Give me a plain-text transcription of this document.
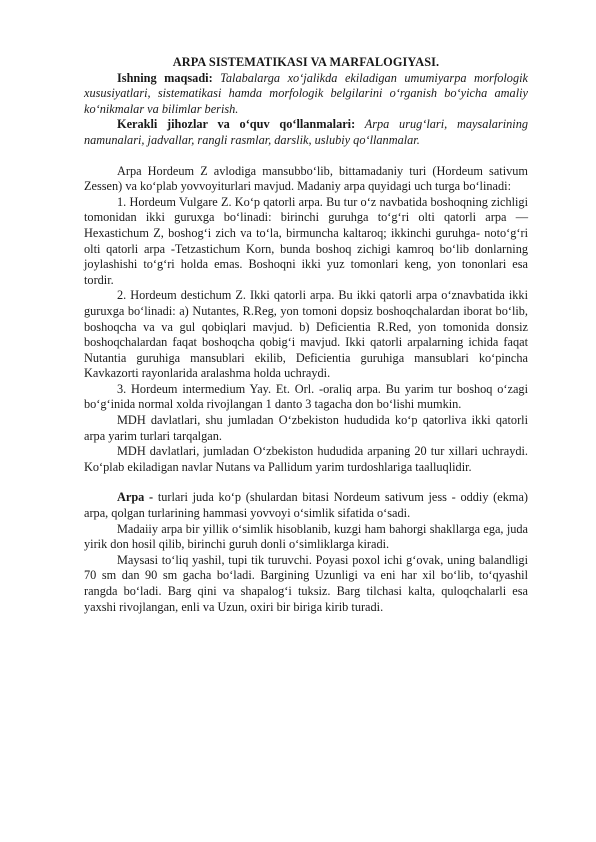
ARPA SISTEMATIKASI VA MARFALOGIYASI.

Ishning maqsadi: Talabalarga xo‘jalikda ekiladigan umumiyarpa morfologik xususiyatlari, sistematikasi hamda morfologik belgilarini o‘rganish bo‘yicha amaliy ko‘nikmalar va bilimlar berish.

Kerakli jihozlar va o‘quv qo‘llanmalari: Arpa urug‘lari, maysalarining namunalari, jadvallar, rangli rasmlar, darslik, uslubiy qo‘llanmalar.

Arpa Hordeum Z avlodiga mansubbo‘lib, bittamadaniy turi (Hordeum sativum Zessen) va ko‘plab yovvoyiturlari mavjud. Madaniy arpa quyidagi uch turga bo‘linadi:

1. Hordeum Vulgare Z. Ko‘p qatorli arpa. Bu tur o‘z navbatida boshoqning zichligi tomonidan ikki guruxga bo‘linadi: birinchi guruhga to‘g‘ri olti qatorli arpa — Hexastichum Z, boshog‘i zich va to‘la, birmuncha kaltaroq; ikkinchi guruhga- noto‘g‘ri olti qatorli arpa -Tetzastichum Korn, bunda boshoq zichigi kamroq bo‘lib donlarning joylashishi to‘g‘ri holda emas. Boshoqni ikki yuz tomonlari keng, yon tononlari esa tordir.

2. Hordeum destichum Z. Ikki qatorli arpa. Bu ikki qatorli arpa o‘znavbatida ikki guruxga bo‘linadi: a) Nutantes, R.Reg, yon tomoni dopsiz boshoqchalardan iborat bo‘lib, boshoqcha va va gul qobiqlari mavjud. b) Deficientia R.Red, yon tomonida donsiz boshoqchalardan faqat boshoqcha qobig‘i mavjud. Ikki qatorli arpalarning ichida faqat Nutantia guruhiga mansublari ekilib, Deficientia guruhiga mansublari ko‘pincha Kavkazorti rayonlarida aralashma holda uchraydi.

3. Hordeum intermedium Yay. Et. Orl. -oraliq arpa. Bu yarim tur boshoq o‘zagi bo‘g‘inida normal xolda rivojlangan 1 danto 3 tagacha don bo‘lishi mumkin.

MDH davlatlari, shu jumladan O‘zbekiston hududida ko‘p qatorliva ikki qatorli arpa yarim turlari tarqalgan.

MDH davlatlari, jumladan O‘zbekiston hududida arpaning 20 tur xillari uchraydi. Ko‘plab ekiladigan navlar Nutans va Pallidum yarim turdoshlariga taalluqlidir.

Arpa - turlari juda ko‘p (shulardan bitasi Nordeum sativum jess - oddiy (ekma) arpa, qolgan turlarining hammasi yovvoyi o‘simlik sifatida o‘sadi.

Madaiiy arpa bir yillik o‘simlik hisoblanib, kuzgi ham bahorgi shakllarga ega, juda yirik don hosil qilib, birinchi guruh donli o‘simliklarga kiradi.

Maysasi to‘liq yashil, tupi tik turuvchi. Poyasi poxol ichi g‘ovak, uning balandligi 70 sm dan 90 sm gacha bo‘ladi. Bargining Uzunligi va eni har xil bo‘lib, to‘qyashil rangda bo‘ladi. Barg qini va shapalog‘i tuksiz. Barg tilchasi kalta, quloqchalarli esa yaxshi rivojlangan, enli va Uzun, oxiri bir biriga kirib turadi.
